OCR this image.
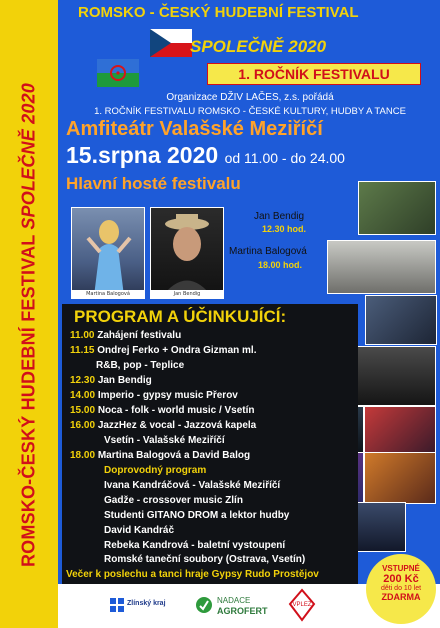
ROMSKO-ČESKÝ HUDEBNÍ FESTIVAL SPOLEČNĚ 2020
ROMSKO - ČESKÝ HUDEBNÍ FESTIVAL
SPOLEČNĚ 2020
1. ROČNÍK FESTIVALU
Organizace DŽIV LAČES, z.s. pořádá
1. ROČNÍK FESTIVALU ROMSKO - ČESKÉ KULTURY, HUDBY A TANCE
Amfiteátr Valašské Meziříčí
15.srpna 2020 od 11.00 - do 24.00
Hlavní hosté festivalu
Martina Balogová	Jan Bendig
Jan Bendig
12.30 hod.
Martina Balogová
18.00 hod.
PROGRAM A ÚČINKUJÍCÍ:
11.00 Zahájení festivalu
11.15 Ondrej Ferko + Ondra Gizman ml.
R&B, pop - Teplice
12.30 Jan Bendig
14.00 Imperio - gypsy music Přerov
15.00 Noca - folk - world music / Vsetín
16.00 JazzHez & vocal - Jazzová kapela
Vsetín - Valašské Meziříčí
18.00 Martina Balogová a David Balog
Doprovodný program
Ivana Kandráčová - Valašské Meziříčí
Gadže - crossover music Zlín
Studenti GITANO DROM a lektor hudby
David Kandráč
Rebeka Kandrová - baletní vystoupení
Romské taneční soubory (Ostrava, Vsetín)
Večer k poslechu a tanci hraje Gypsy Rudo Prostějov
Zlínský kraj	NADACE
AGROFERT
VPLEZ
VSTUPNÉ
200 Kč
děti do 10 let
ZDARMA
